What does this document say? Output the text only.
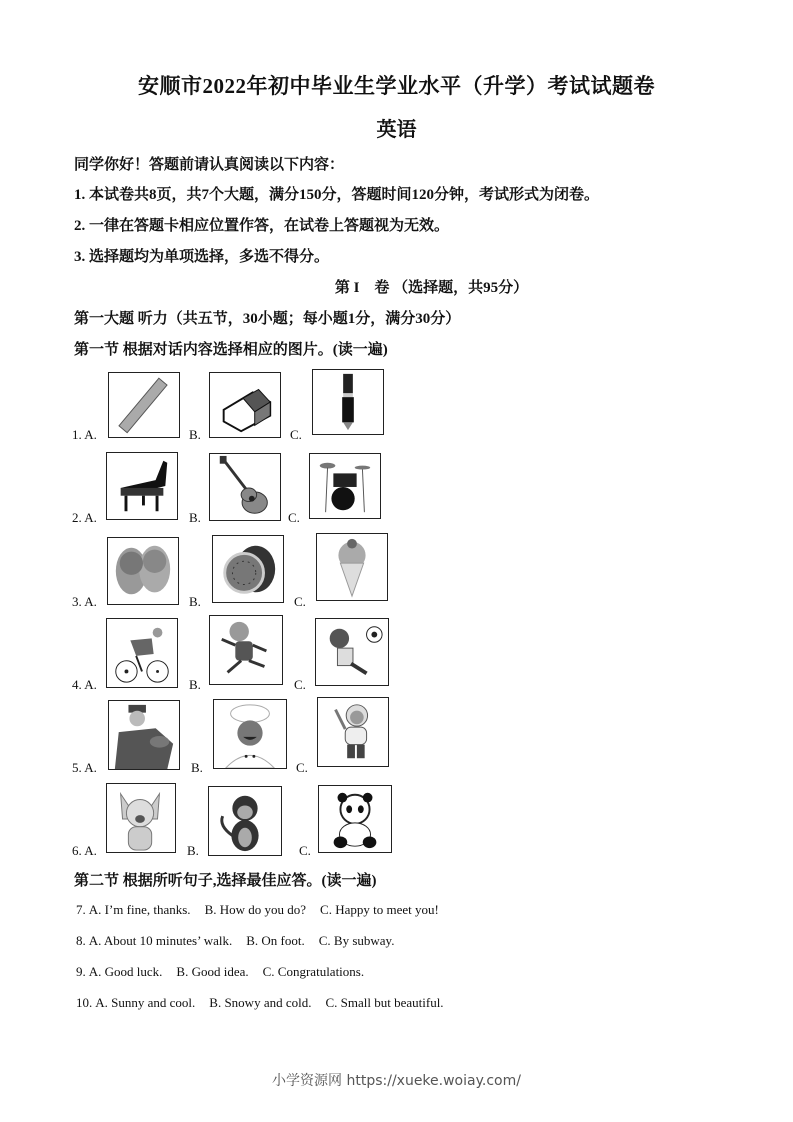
安顺市2022年初中毕业生学业水平（升学）考试试题卷
英语
同学你好！答题前请认真阅读以下内容：
1. 本试卷共8页，共7个大题，满分150分，答题时间120分钟，考试形式为闭卷。
2. 一律在答题卡相应位置作答，在试卷上答题视为无效。
3. 选择题均为单项选择，多选不得分。
第 I　卷 （选择题，共95分）
第一大题 听力（共五节，30小题；每小题1分，满分30分）
第一节 根据对话内容选择相应的图片。(读一遍)
1. A.	B.	C.
2. A.	B.	C.
3. A.	B.	C.
4. A.	B.	C.
5. A.	B.	C.
6. A.	B.	C.
第二节 根据所听句子,选择最佳应答。(读一遍)
7. A. I’m fine, thanks. B. How do you do? C. Happy to meet you!
8. A. About 10 minutes’ walk. B. On foot. C. By subway.
9. A. Good luck. B. Good idea. C. Congratulations.
10. A. Sunny and cool. B. Snowy and cold. C. Small but beautiful.
小学资源网 https://xueke.woiay.com/
